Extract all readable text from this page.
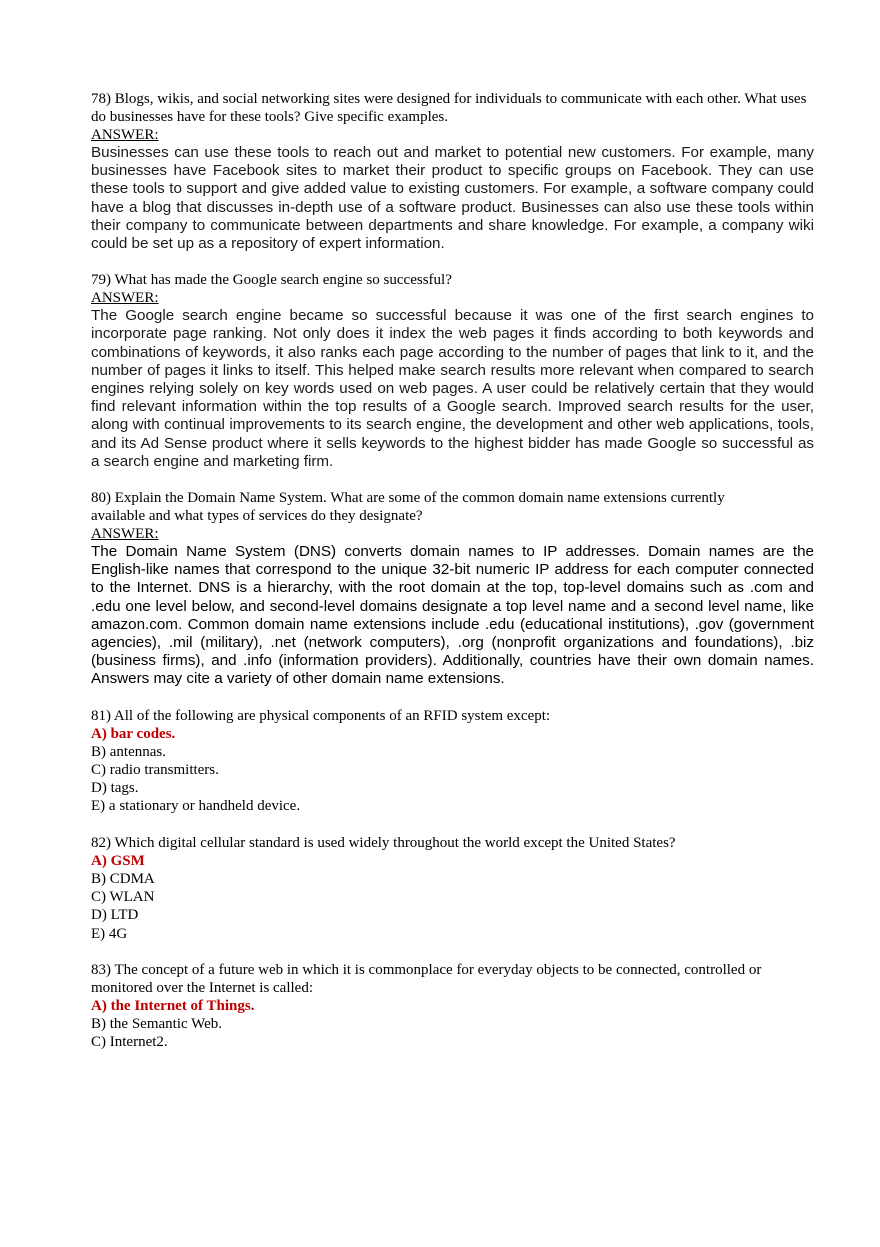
78) Blogs, wikis, and social networking sites were designed for individuals to communicate with each other. What uses do businesses have for these tools? Give specific examples.

ANSWER:

Businesses can use these tools to reach out and market to potential new customers. For example, many businesses have Facebook sites to market their product to specific groups on Facebook. They can use these tools to support and give added value to existing customers. For example, a software company could have a blog that discusses in-depth use of a software product. Businesses can also use these tools within their company to communicate between departments and share knowledge. For example, a company wiki could be set up as a repository of expert information.

79) What has made the Google search engine so successful?

ANSWER:

The Google search engine became so successful because it was one of the first search engines to incorporate page ranking. Not only does it index the web pages it finds according to both keywords and combinations of keywords, it also ranks each page according to the number of pages that link to it, and the number of pages it links to itself. This helped make search results more relevant when compared to search engines relying solely on key words used on web pages. A user could be relatively certain that they would find relevant information within the top results of a Google search. Improved search results for the user, along with continual improvements to its search engine, the development and other web applications, tools, and its Ad Sense product where it sells keywords to the highest bidder has made Google so successful as a search engine and marketing firm.

80) Explain the Domain Name System. What are some of the common domain name extensions currently

available and what types of services do they designate?

ANSWER:

The Domain Name System (DNS) converts domain names to IP addresses. Domain names are the English-like names that correspond to the unique 32-bit numeric IP address for each computer connected to the Internet. DNS is a hierarchy, with the root domain at the top, top-level domains such as .com and .edu one level below, and second-level domains designate a top level name and a second level name, like amazon.com. Common domain name extensions include .edu (educational institutions), .gov (government agencies), .mil (military), .net (network computers), .org (nonprofit organizations and foundations), .biz (business firms), and .info (information providers). Additionally, countries have their own domain names. Answers may cite a variety of other domain name extensions.

81) All of the following are physical components of an RFID system except:

A) bar codes.

B) antennas.

C) radio transmitters.

D) tags.

E) a stationary or handheld device.

82) Which digital cellular standard is used widely throughout the world except the United States?

A) GSM

B) CDMA

C) WLAN

D) LTD

E) 4G

83) The concept of a future web in which it is commonplace for everyday objects to be connected, controlled or monitored over the Internet is called:

A) the Internet of Things.

B) the Semantic Web.

C) Internet2.
